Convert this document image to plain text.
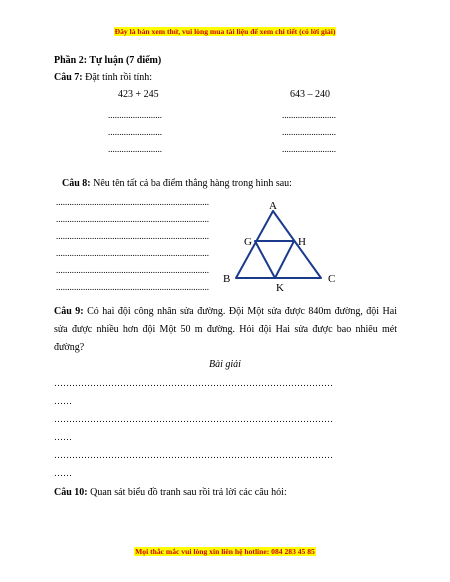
Đây là bản xem thử, vui lòng mua tài liệu để xem chi tiết (có lời giải)
Phần 2: Tự luận (7 điểm)
Câu 7: Đặt tính rồi tính:
423 + 245	643 – 240
........................
........................
........................
........................
........................
........................
Câu 8: Nêu tên tất cả ba điểm thẳng hàng trong hình sau:
....................................................................
....................................................................
....................................................................
....................................................................
....................................................................
....................................................................
A
G	H
B
K
C
Câu 9: Có hai đội công nhân sửa đường. Đội Một sửa được 840m đường, đội Hai sửa được nhiều hơn đội Một 50 m đường. Hỏi đội Hai sửa được bao nhiêu mét đường?
Bài giải
…………………………………………………………………………………
……
…………………………………………………………………………………
……
…………………………………………………………………………………
……
Câu 10: Quan sát biểu đồ tranh sau rồi trả lời các câu hỏi:
Mọi thắc mắc vui lòng xin liên hệ hotline: 084 283 45 85
